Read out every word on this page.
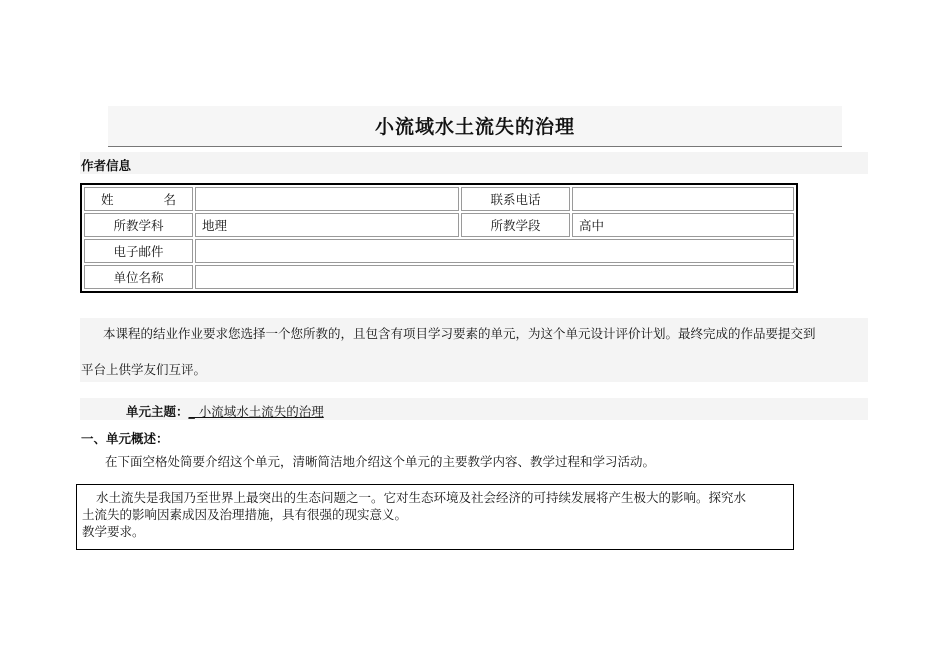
小流域水土流失的治理
作者信息
姓 名		联系电话	
所教学科	地理	所教学段	高中
电子邮件			
单位名称			
本课程的结业作业要求您选择一个您所教的，且包含有项目学习要素的单元，为这个单元设计评价计划。最终完成的作品要提交到
平台上供学友们互评。
单元主题：_ 小流域水土流失的治理
一、单元概述：
在下面空格处简要介绍这个单元，清晰简洁地介绍这个单元的主要教学内容、教学过程和学习活动。
水土流失是我国乃至世界上最突出的生态问题之一。它对生态环境及社会经济的可持续发展将产生极大的影响。探究水
土流失的影响因素成因及治理措施，具有很强的现实意义。
教学要求。
